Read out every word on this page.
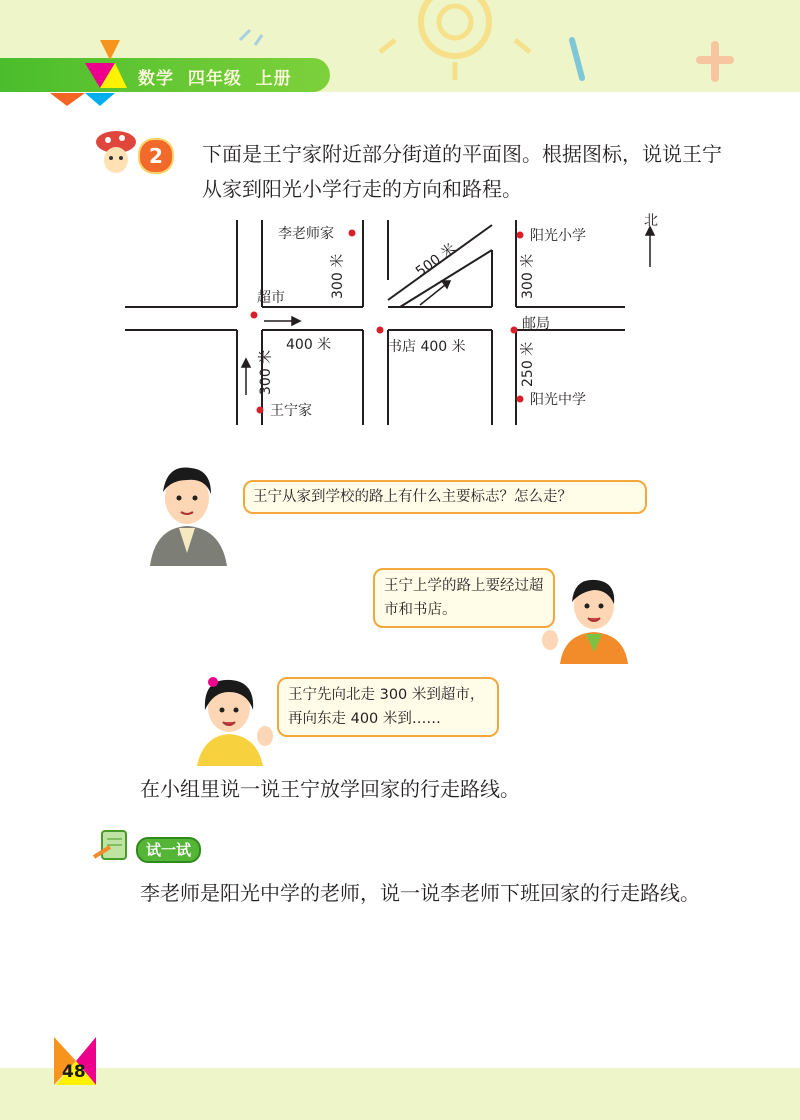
数学  四年级  上册
2	下面是王宁家附近部分街道的平面图。根据图标，说说王宁从家到阳光小学行走的方向和路程。
北
李老师家
超市
王宁家
书店 400 米
阳光小学
邮局
阳光中学
400 米
300 米
300 米
500 米	300 米
250 米
王宁从家到学校的路上有什么主要标志？怎么走？
王宁上学的路上要经过超市和书店。
王宁先向北走 300 米到超市，再向东走 400 米到……
在小组里说一说王宁放学回家的行走路线。
试一试
李老师是阳光中学的老师，说一说李老师下班回家的行走路线。
48
